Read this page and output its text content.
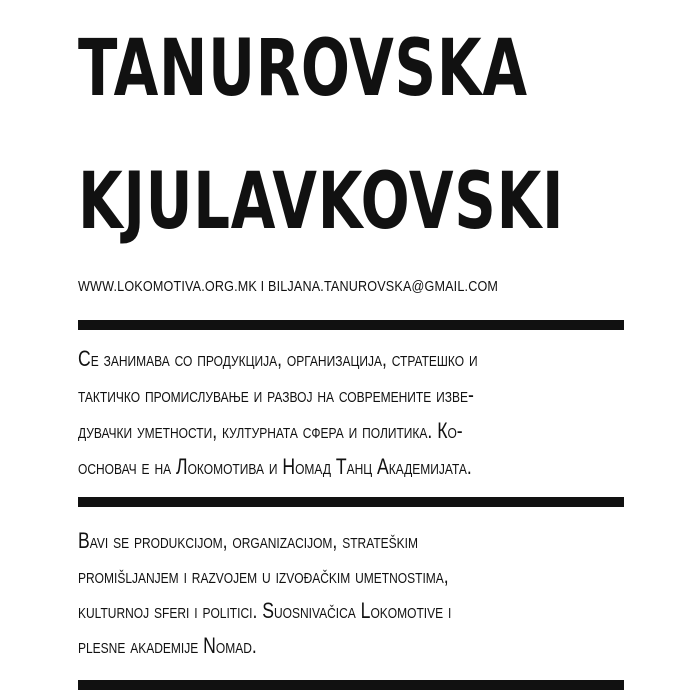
TANUROVSKA
KJULAVKOVSKI
WWW.LOKOMOTIVA.ORG.MK I BILJANA.TANUROVSKA@GMAIL.COM
Се занимава со продукција, организација, стратешко и
тактичко промислување и развој на современите изве-
дувачки уметности, културната сфера и политика. Ко-
основач е на Локомотива и Номад Танц Академијата.
Bavi se produkcijom, organizacijom, strateškim
promišljanjem i razvojem u izvođačkim umetnostima,
kulturnoj sferi i politici. Suosnivačica Lokomotive i
plesne akademije Nomad.
